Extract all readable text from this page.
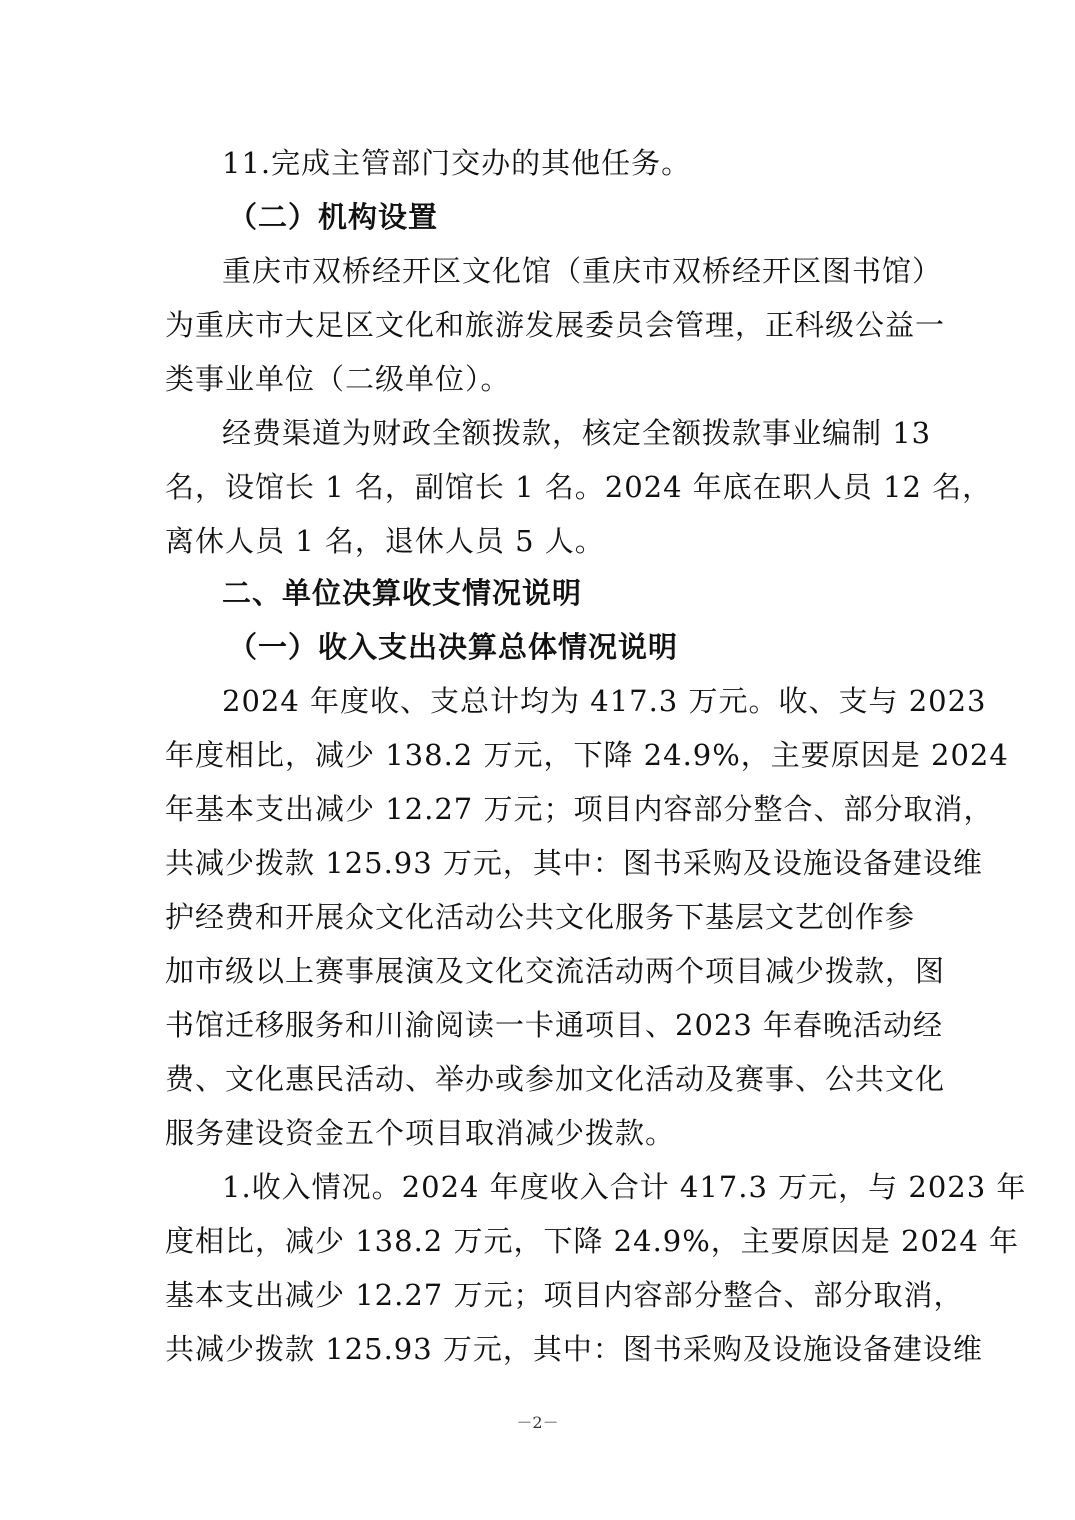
11.完成主管部门交办的其他任务。
（二）机构设置
重庆市双桥经开区文化馆（重庆市双桥经开区图书馆）
为重庆市大足区文化和旅游发展委员会管理，正科级公益一
类事业单位（二级单位）。
经费渠道为财政全额拨款，核定全额拨款事业编制 13
名，设馆长 1 名，副馆长 1 名。2024 年底在职人员 12 名，
离休人员 1 名，退休人员 5 人。
二、单位决算收支情况说明
（一）收入支出决算总体情况说明
2024 年度收、支总计均为 417.3 万元。收、支与 2023
年度相比，减少 138.2 万元，下降 24.9%，主要原因是 2024
年基本支出减少 12.27 万元；项目内容部分整合、部分取消，
共减少拨款 125.93 万元，其中：图书采购及设施设备建设维
护经费和开展众文化活动公共文化服务下基层文艺创作参
加市级以上赛事展演及文化交流活动两个项目减少拨款，图
书馆迁移服务和川渝阅读一卡通项目、2023 年春晚活动经
费、文化惠民活动、举办或参加文化活动及赛事、公共文化
服务建设资金五个项目取消减少拨款。
1.收入情况。2024 年度收入合计 417.3 万元，与 2023 年
度相比，减少 138.2 万元，下降 24.9%，主要原因是 2024 年
基本支出减少 12.27 万元；项目内容部分整合、部分取消，
共减少拨款 125.93 万元，其中：图书采购及设施设备建设维
－2－
